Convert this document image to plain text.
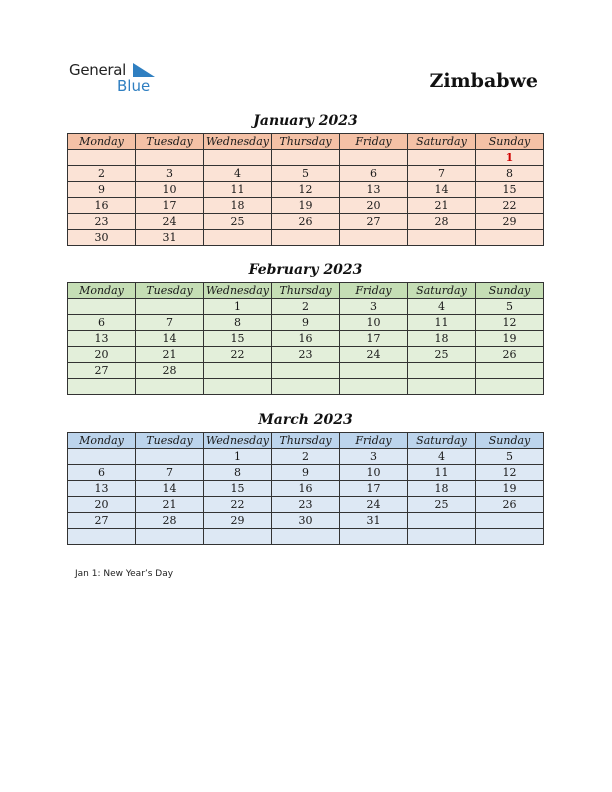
General
Blue	Zimbabwe
January 2023
Monday	Tuesday	Wednesday	Thursday	Friday	Saturday	Sunday
						1
2	3	4	5	6	7	8
9	10	11	12	13	14	15
16	17	18	19	20	21	22
23	24	25	26	27	28	29
30	31					
February 2023
Monday	Tuesday	Wednesday	Thursday	Friday	Saturday	Sunday
		1	2	3	4	5
6	7	8	9	10	11	12
13	14	15	16	17	18	19
20	21	22	23	24	25	26
27	28					

March 2023
Monday	Tuesday	Wednesday	Thursday	Friday	Saturday	Sunday
		1	2	3	4	5
6	7	8	9	10	11	12
13	14	15	16	17	18	19
20	21	22	23	24	25	26
27	28	29	30	31		

Jan 1: New Year’s Day
